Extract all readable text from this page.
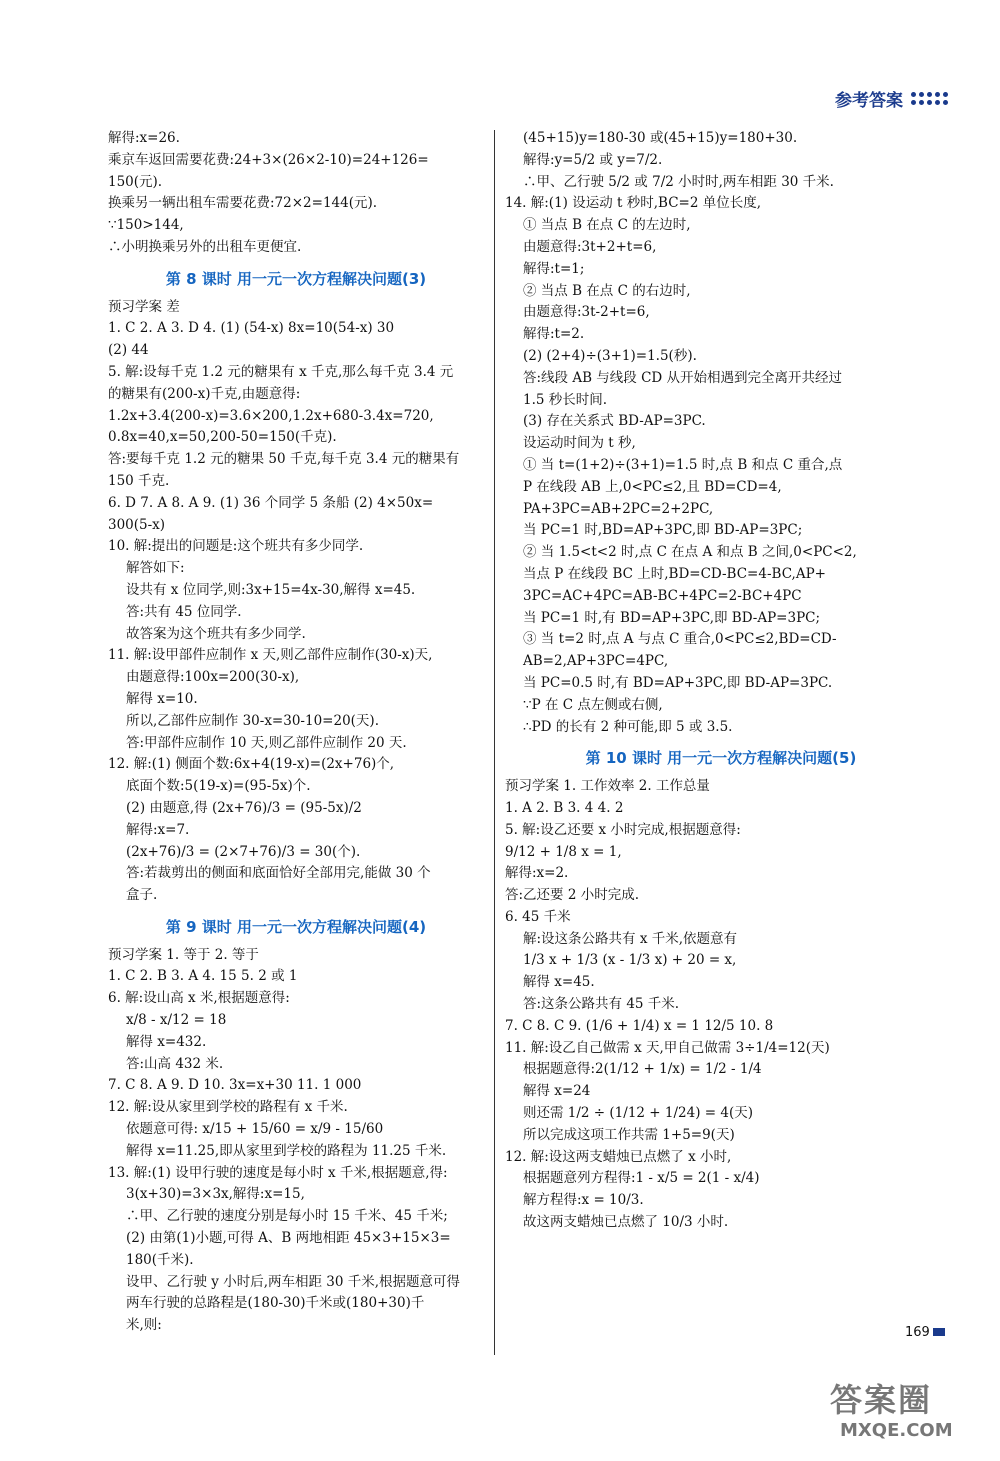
参考答案
解得:x=26.
乘京车返回需要花费:24+3×(26×2-10)=24+126=
150(元).
换乘另一辆出租车需要花费:72×2=144(元).
∵150>144,
∴小明换乘另外的出租车更便宜.
第 8 课时 用一元一次方程解决问题(3)
预习学案 差
1. C 2. A 3. D 4. (1) (54-x) 8x=10(54-x) 30
(2) 44
5. 解:设每千克 1.2 元的糖果有 x 千克,那么每千克 3.4 元
的糖果有(200-x)千克,由题意得:
1.2x+3.4(200-x)=3.6×200,1.2x+680-3.4x=720,
0.8x=40,x=50,200-50=150(千克).
答:要每千克 1.2 元的糖果 50 千克,每千克 3.4 元的糖果有
150 千克.
6. D 7. A 8. A 9. (1) 36 个同学 5 条船 (2) 4×50x=
300(5-x)
10. 解:提出的问题是:这个班共有多少同学.
解答如下:
设共有 x 位同学,则:3x+15=4x-30,解得 x=45.
答:共有 45 位同学.
故答案为这个班共有多少同学.
11. 解:设甲部件应制作 x 天,则乙部件应制作(30-x)天,
由题意得:100x=200(30-x),
解得 x=10.
所以,乙部件应制作 30-x=30-10=20(天).
答:甲部件应制作 10 天,则乙部件应制作 20 天.
12. 解:(1) 侧面个数:6x+4(19-x)=(2x+76)个,
底面个数:5(19-x)=(95-5x)个.
(2) 由题意,得 (2x+76)/3 = (95-5x)/2
解得:x=7.
(2x+76)/3 = (2×7+76)/3 = 30(个).
答:若裁剪出的侧面和底面恰好全部用完,能做 30 个
盒子.
第 9 课时 用一元一次方程解决问题(4)
预习学案 1. 等于 2. 等于
1. C 2. B 3. A 4. 15 5. 2 或 1
6. 解:设山高 x 米,根据题意得:
x/8 - x/12 = 18
解得 x=432.
答:山高 432 米.
7. C 8. A 9. D 10. 3x=x+30 11. 1 000
12. 解:设从家里到学校的路程有 x 千米.
依题意可得: x/15 + 15/60 = x/9 - 15/60
解得 x=11.25,即从家里到学校的路程为 11.25 千米.
13. 解:(1) 设甲行驶的速度是每小时 x 千米,根据题意,得:
3(x+30)=3×3x,解得:x=15,
∴甲、乙行驶的速度分别是每小时 15 千米、45 千米;
(2) 由第(1)小题,可得 A、B 两地相距 45×3+15×3=
180(千米).
设甲、乙行驶 y 小时后,两车相距 30 千米,根据题意可得
两车行驶的总路程是(180-30)千米或(180+30)千
米,则:
(45+15)y=180-30 或(45+15)y=180+30.
解得:y=5/2 或 y=7/2.
∴甲、乙行驶 5/2 或 7/2 小时时,两车相距 30 千米.
14. 解:(1) 设运动 t 秒时,BC=2 单位长度,
① 当点 B 在点 C 的左边时,
由题意得:3t+2+t=6,
解得:t=1;
② 当点 B 在点 C 的右边时,
由题意得:3t-2+t=6,
解得:t=2.
(2) (2+4)÷(3+1)=1.5(秒).
答:线段 AB 与线段 CD 从开始相遇到完全离开共经过
1.5 秒长时间.
(3) 存在关系式 BD-AP=3PC.
设运动时间为 t 秒,
① 当 t=(1+2)÷(3+1)=1.5 时,点 B 和点 C 重合,点
P 在线段 AB 上,0<PC≤2,且 BD=CD=4,
PA+3PC=AB+2PC=2+2PC,
当 PC=1 时,BD=AP+3PC,即 BD-AP=3PC;
② 当 1.5<t<2 时,点 C 在点 A 和点 B 之间,0<PC<2,
当点 P 在线段 BC 上时,BD=CD-BC=4-BC,AP+
3PC=AC+4PC=AB-BC+4PC=2-BC+4PC
当 PC=1 时,有 BD=AP+3PC,即 BD-AP=3PC;
③ 当 t=2 时,点 A 与点 C 重合,0<PC≤2,BD=CD-
AB=2,AP+3PC=4PC,
当 PC=0.5 时,有 BD=AP+3PC,即 BD-AP=3PC.
∵P 在 C 点左侧或右侧,
∴PD 的长有 2 种可能,即 5 或 3.5.
第 10 课时 用一元一次方程解决问题(5)
预习学案 1. 工作效率 2. 工作总量
1. A 2. B 3. 4 4. 2
5. 解:设乙还要 x 小时完成,根据题意得:
9/12 + 1/8 x = 1,
解得:x=2.
答:乙还要 2 小时完成.
6. 45 千米
解:设这条公路共有 x 千米,依题意有
1/3 x + 1/3 (x - 1/3 x) + 20 = x,
解得 x=45.
答:这条公路共有 45 千米.
7. C 8. C 9. (1/6 + 1/4) x = 1 12/5 10. 8
11. 解:设乙自己做需 x 天,甲自己做需 3÷1/4=12(天)
根据题意得:2(1/12 + 1/x) = 1/2 - 1/4
解得 x=24
则还需 1/2 ÷ (1/12 + 1/24) = 4(天)
所以完成这项工作共需 1+5=9(天)
12. 解:设这两支蜡烛已点燃了 x 小时,
根据题意列方程得:1 - x/5 = 2(1 - x/4)
解方程得:x = 10/3.
故这两支蜡烛已点燃了 10/3 小时.
169
答案圈
MXQE.COM
